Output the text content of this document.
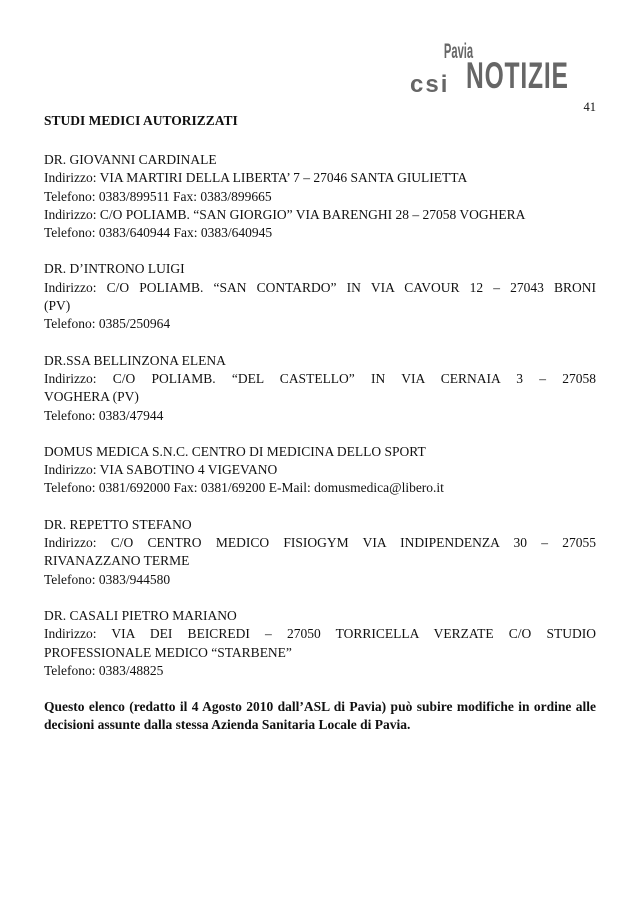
Pavia
csi NOTIZIE
41
STUDI MEDICI AUTORIZZATI
DR. GIOVANNI CARDINALE
Indirizzo: VIA MARTIRI DELLA LIBERTA’ 7 – 27046 SANTA GIULIETTA
Telefono: 0383/899511 Fax: 0383/899665
Indirizzo: C/O POLIAMB. “SAN GIORGIO” VIA BARENGHI 28 – 27058 VOGHERA
Telefono: 0383/640944 Fax: 0383/640945
DR. D’INTRONO LUIGI
Indirizzo: C/O POLIAMB. “SAN CONTARDO” IN VIA CAVOUR 12 – 27043 BRONI
(PV)
Telefono: 0385/250964
DR.SSA BELLINZONA ELENA
Indirizzo: C/O POLIAMB. “DEL CASTELLO” IN VIA CERNAIA 3 – 27058
VOGHERA (PV)
Telefono: 0383/47944
DOMUS MEDICA S.N.C. CENTRO DI MEDICINA DELLO SPORT
Indirizzo: VIA SABOTINO 4 VIGEVANO
Telefono: 0381/692000 Fax: 0381/69200 E-Mail: domusmedica@libero.it
DR. REPETTO STEFANO
Indirizzo: C/O CENTRO MEDICO FISIOGYM VIA INDIPENDENZA 30 – 27055
RIVANAZZANO TERME
Telefono: 0383/944580
DR. CASALI PIETRO MARIANO
Indirizzo: VIA DEI BEICREDI – 27050 TORRICELLA VERZATE C/O STUDIO
PROFESSIONALE MEDICO “STARBENE”
Telefono: 0383/48825
Questo elenco (redatto il 4 Agosto 2010 dall’ASL di Pavia) può subire modifiche in ordine alle decisioni assunte dalla stessa Azienda Sanitaria Locale di Pavia.
